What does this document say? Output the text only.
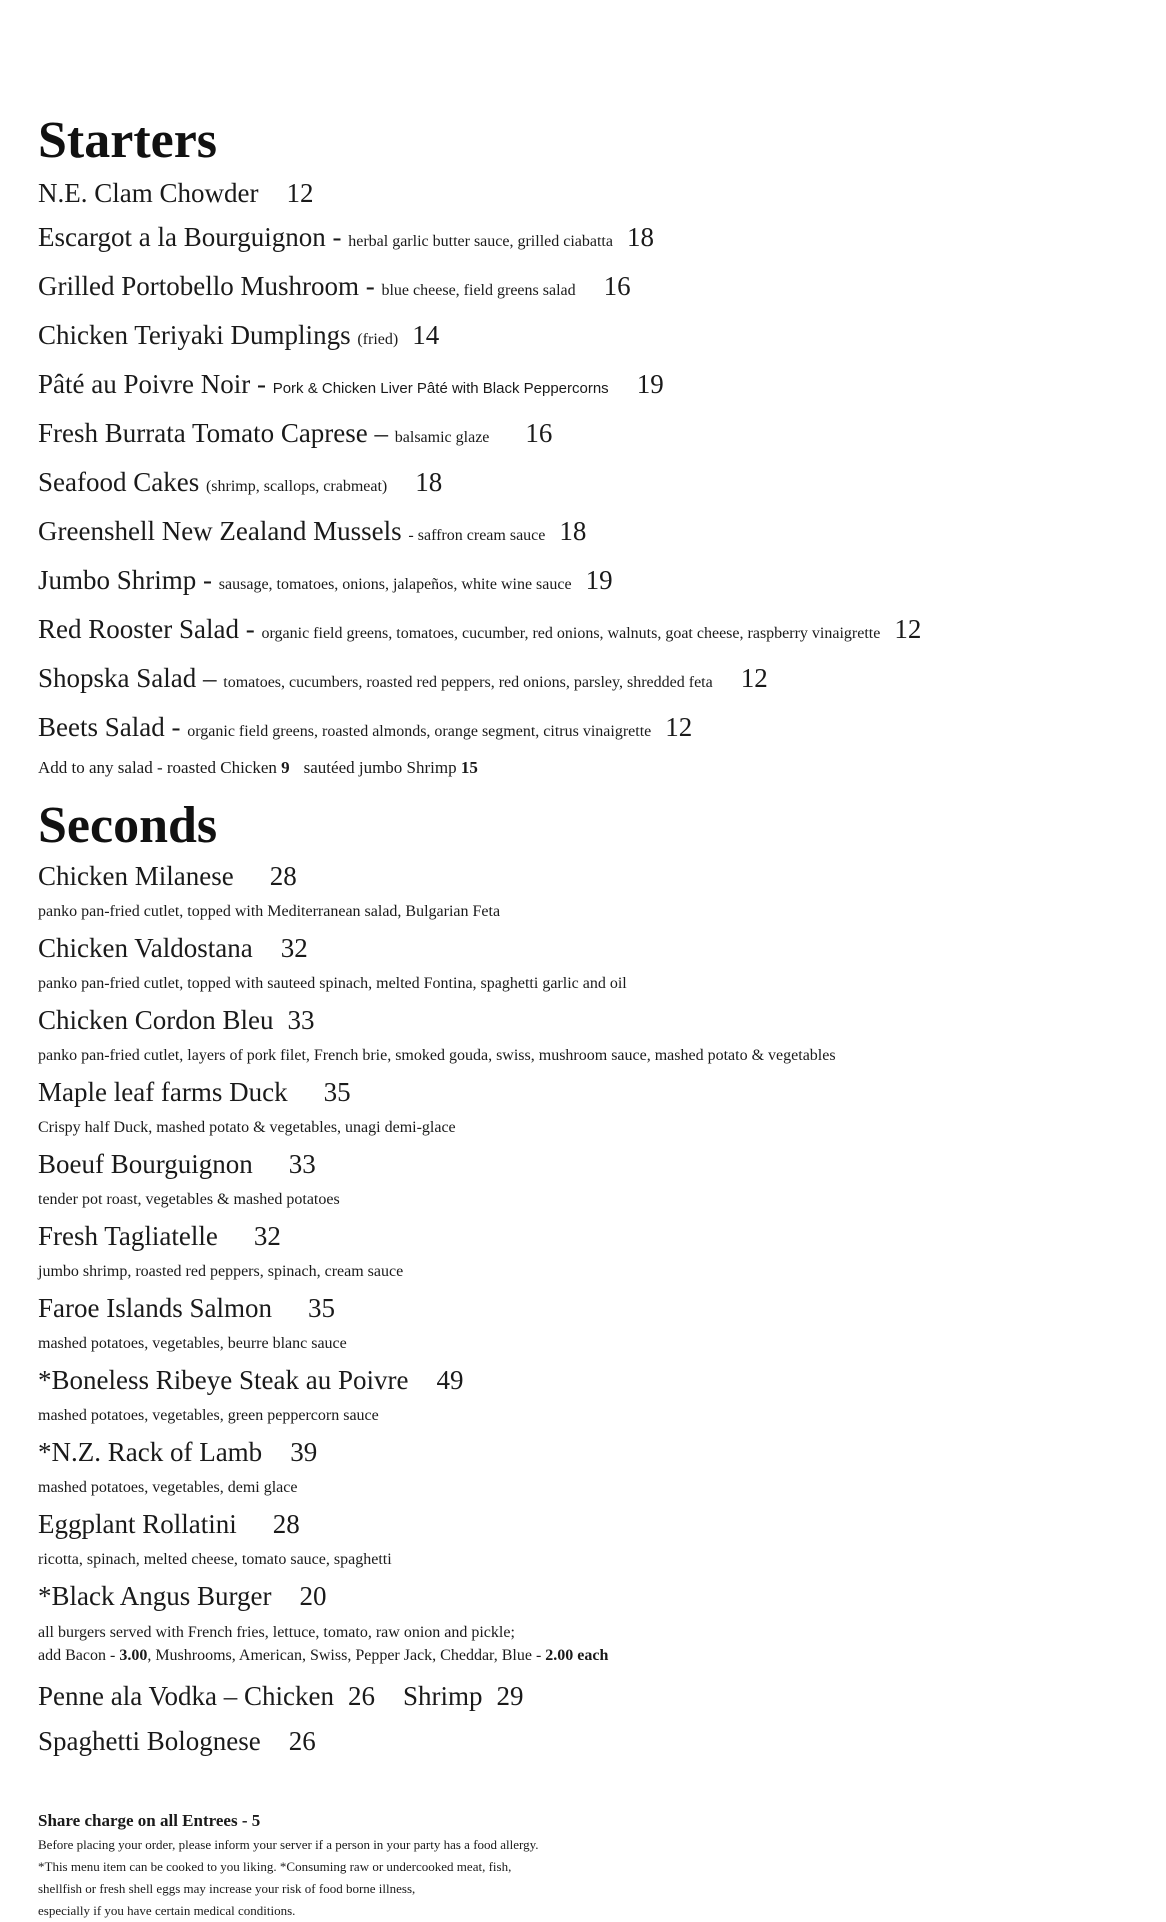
Starters
N.E. Clam Chowder 12
Escargot a la Bourguignon - herbal garlic butter sauce, grilled ciabatta 18
Grilled Portobello Mushroom - blue cheese, field greens salad 16
Chicken Teriyaki Dumplings (fried) 14
Pâté au Poivre Noir - Pork & Chicken Liver Pâté with Black Peppercorns 19
Fresh Burrata Tomato Caprese – balsamic glaze 16
Seafood Cakes (shrimp, scallops, crabmeat) 18
Greenshell New Zealand Mussels - saffron cream sauce 18
Jumbo Shrimp - sausage, tomatoes, onions, jalapeños, white wine sauce 19
Red Rooster Salad - organic field greens, tomatoes, cucumber, red onions, walnuts, goat cheese, raspberry vinaigrette 12
Shopska Salad – tomatoes, cucumbers, roasted red peppers, red onions, parsley, shredded feta 12
Beets Salad - organic field greens, roasted almonds, orange segment, citrus vinaigrette 12
Add to any salad - roasted Chicken 9 sautéed jumbo Shrimp 15
Seconds
Chicken Milanese 28
panko pan-fried cutlet, topped with Mediterranean salad, Bulgarian Feta
Chicken Valdostana 32
panko pan-fried cutlet, topped with sauteed spinach, melted Fontina, spaghetti garlic and oil
Chicken Cordon Bleu 33
panko pan-fried cutlet, layers of pork filet, French brie, smoked gouda, swiss, mushroom sauce, mashed potato & vegetables
Maple leaf farms Duck 35
Crispy half Duck, mashed potato & vegetables, unagi demi-glace
Boeuf Bourguignon 33
tender pot roast, vegetables & mashed potatoes
Fresh Tagliatelle 32
jumbo shrimp, roasted red peppers, spinach, cream sauce
Faroe Islands Salmon 35
mashed potatoes, vegetables, beurre blanc sauce
*Boneless Ribeye Steak au Poivre 49
mashed potatoes, vegetables, green peppercorn sauce
*N.Z. Rack of Lamb 39
mashed potatoes, vegetables, demi glace
Eggplant Rollatini 28
ricotta, spinach, melted cheese, tomato sauce, spaghetti
*Black Angus Burger 20
all burgers served with French fries, lettuce, tomato, raw onion and pickle;
add Bacon - 3.00, Mushrooms, American, Swiss, Pepper Jack, Cheddar, Blue - 2.00 each
Penne ala Vodka – Chicken 26 Shrimp 29
Spaghetti Bolognese 26
Share charge on all Entrees - 5
Before placing your order, please inform your server if a person in your party has a food allergy.
*This menu item can be cooked to you liking. *Consuming raw or undercooked meat, fish,
shellfish or fresh shell eggs may increase your risk of food borne illness,
especially if you have certain medical conditions.
